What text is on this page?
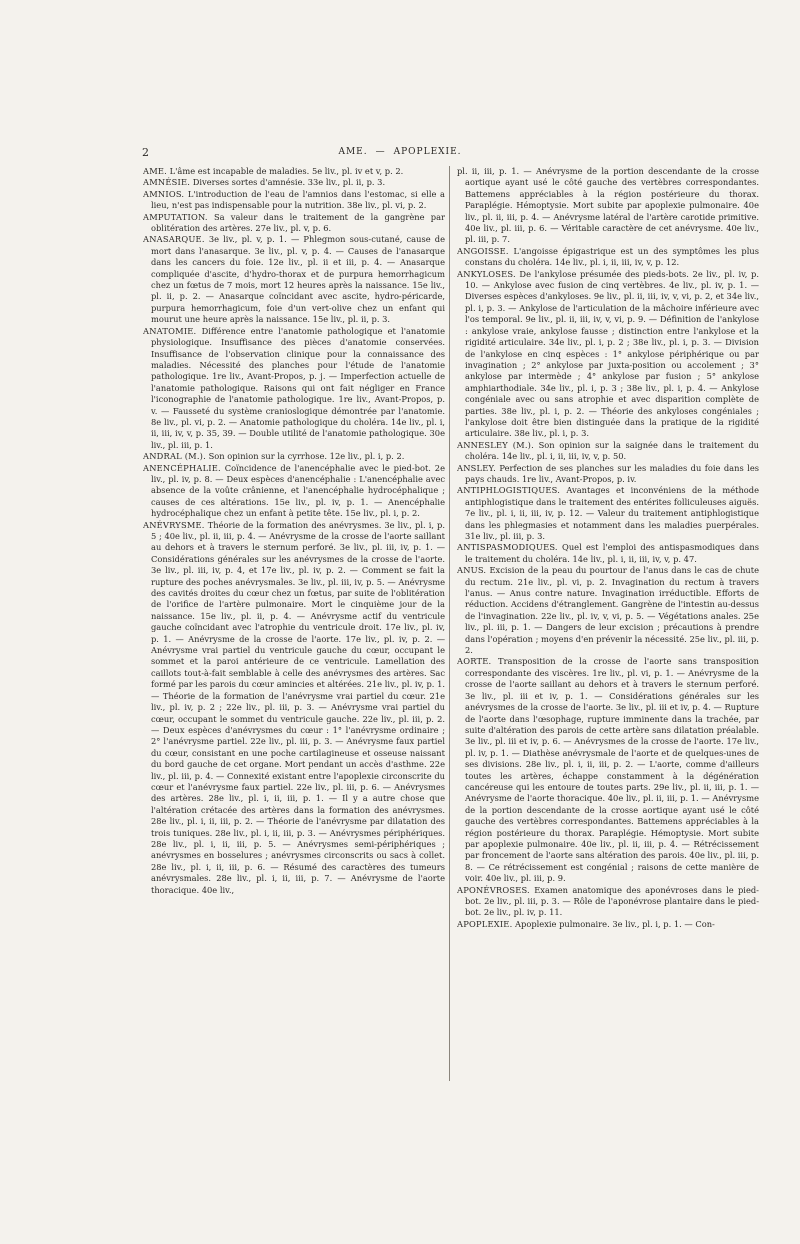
2	AME. — APOPLEXIE.

AME. L'âme est incapable de maladies. 5e liv., pl. iv et v, p. 2.

AMNÉSIE. Diverses sortes d'amnésie. 33e liv., pl. ii, p. 3.

AMNIOS. L'introduction de l'eau de l'amnios dans l'estomac, si elle a lieu, n'est pas indispensable pour la nutrition. 38e liv., pl. vi, p. 2.

AMPUTATION. Sa valeur dans le traitement de la gangrène par oblitération des artères. 27e liv., pl. v, p. 6.

ANASARQUE. 3e liv., pl. v, p. 1. — Phlegmon sous-cutané, cause de mort dans l'anasarque. 3e liv., pl. v, p. 4. — Causes de l'anasarque dans les cancers du foie. 12e liv., pl. ii et iii, p. 4. — Anasarque compliquée d'ascite, d'hydro-thorax et de purpura hemorrhagicum chez un fœtus de 7 mois, mort 12 heures après la naissance. 15e liv., pl. ii, p. 2. — Anasarque coïncidant avec ascite, hydro-péricarde, purpura hemorrhagicum, foie d'un vert-olive chez un enfant qui mourut une heure après la naissance. 15e liv., pl. ii, p. 3.

ANATOMIE. Différence entre l'anatomie pathologique et l'anatomie physiologique. Insuffisance des pièces d'anatomie conservées. Insuffisance de l'observation clinique pour la connaissance des maladies. Nécessité des planches pour l'étude de l'anatomie pathologique. 1re liv., Avant-Propos, p. j. — Imperfection actuelle de l'anatomie pathologique. Raisons qui ont fait négliger en France l'iconographie de l'anatomie pathologique. 1re liv., Avant-Propos, p. v. — Fausseté du système cranioslogique démontrée par l'anatomie. 8e liv., pl. vi, p. 2. — Anatomie pathologique du choléra. 14e liv., pl. i, ii, iii, iv, v, p. 35, 39. — Double utilité de l'anatomie pathologique. 30e liv., pl. iii, p. 1.

ANDRAL (M.). Son opinion sur la cyrrhose. 12e liv., pl. i, p. 2.

ANENCÉPHALIE. Coïncidence de l'anencéphalie avec le pied-bot. 2e liv., pl. iv, p. 8. — Deux espèces d'anencéphalie : L'anencéphalie avec absence de la voûte crânienne, et l'anencéphalie hydrocéphalique ; causes de ces altérations. 15e liv., pl. iv, p. 1. — Anencéphalie hydrocéphalique chez un enfant à petite tête. 15e liv., pl. i, p. 2.

ANÉVRYSME. Théorie de la formation des anévrysmes. 3e liv., pl. i, p. 5 ; 40e liv., pl. ii, iii, p. 4. — Anévrysme de la crosse de l'aorte saillant au dehors et à travers le sternum perforé. 3e liv., pl. iii, iv, p. 1. — Considérations générales sur les anévrysmes de la crosse de l'aorte. 3e liv., pl. iii, iv, p. 4, et 17e liv., pl. iv, p. 2. — Comment se fait la rupture des poches anévrysmales. 3e liv., pl. iii, iv, p. 5. — Anévrysme des cavités droites du cœur chez un fœtus, par suite de l'oblitération de l'orifice de l'artère pulmonaire. Mort le cinquième jour de la naissance. 15e liv., pl. ii, p. 4. — Anévrysme actif du ventricule gauche coïncidant avec l'atrophie du ventricule droit. 17e liv., pl. iv, p. 1. — Anévrysme de la crosse de l'aorte. 17e liv., pl. iv, p. 2. — Anévrysme vrai partiel du ventricule gauche du cœur, occupant le sommet et la paroi antérieure de ce ventricule. Lamellation des caillots tout-à-fait semblable à celle des anévrysmes des artères. Sac formé par les parois du cœur amincies et altérées. 21e liv., pl. iv, p. 1. — Théorie de la formation de l'anévrysme vrai partiel du cœur. 21e liv., pl. iv, p. 2 ; 22e liv., pl. iii, p. 3. — Anévrysme vrai partiel du cœur, occupant le sommet du ventricule gauche. 22e liv., pl. iii, p. 2. — Deux espèces d'anévrysmes du cœur : 1° l'anévrysme ordinaire ; 2° l'anévrysme partiel. 22e liv., pl. iii, p. 3. — Anévrysme faux partiel du cœur, consistant en une poche cartilagineuse et osseuse naissant du bord gauche de cet organe. Mort pendant un accès d'asthme. 22e liv., pl. iii, p. 4. — Connexité existant entre l'apoplexie circonscrite du cœur et l'anévrysme faux partiel. 22e liv., pl. iii, p. 6. — Anévrysmes des artères. 28e liv., pl. i, ii, iii, p. 1. — Il y a autre chose que l'altération crétacée des artères dans la formation des anévrysmes. 28e liv., pl. i, ii, iii, p. 2. — Théorie de l'anévrysme par dilatation des trois tuniques. 28e liv., pl. i, ii, iii, p. 3. — Anévrysmes périphériques. 28e liv., pl. i, ii, iii, p. 5. — Anévrysmes semi-périphériques ; anévrysmes en bosselures ; anévrysmes circonscrits ou sacs à collet. 28e liv., pl. i, ii, iii, p. 6. — Résumé des caractères des tumeurs anévrysmales. 28e liv., pl. i, ii, iii, p. 7. — Anévrysme de l'aorte thoracique. 40e liv.,

pl. ii, iii, p. 1. — Anévrysme de la portion descendante de la crosse aortique ayant usé le côté gauche des vertèbres correspondantes. Battemens appréciables à la région postérieure du thorax. Paraplégie. Hémoptysie. Mort subite par apoplexie pulmonaire. 40e liv., pl. ii, iii, p. 4. — Anévrysme latéral de l'artère carotide primitive. 40e liv., pl. iii, p. 6. — Véritable caractère de cet anévrysme. 40e liv., pl. iii, p. 7.

ANGOISSE. L'angoisse épigastrique est un des symptômes les plus constans du choléra. 14e liv., pl. i, ii, iii, iv, v, p. 12.

ANKYLOSES. De l'ankylose présumée des pieds-bots. 2e liv., pl. iv, p. 10. — Ankylose avec fusion de cinq vertèbres. 4e liv., pl. iv, p. 1. — Diverses espèces d'ankyloses. 9e liv., pl. ii, iii, iv, v, vi, p. 2, et 34e liv., pl. i, p. 3. — Ankylose de l'articulation de la mâchoire inférieure avec l'os temporal. 9e liv., pl. ii, iii, iv, v, vi, p. 9. — Définition de l'ankylose : ankylose vraie, ankylose fausse ; distinction entre l'ankylose et la rigidité articulaire. 34e liv., pl. i, p. 2 ; 38e liv., pl. i, p. 3. — Division de l'ankylose en cinq espèces : 1° ankylose périphérique ou par invagination ; 2° ankylose par juxta-position ou accolement ; 3° ankylose par intermède ; 4° ankylose par fusion ; 5° ankylose amphiarthodiale. 34e liv., pl. i, p. 3 ; 38e liv., pl. i, p. 4. — Ankylose congéniale avec ou sans atrophie et avec disparition complète de parties. 38e liv., pl. i, p. 2. — Théorie des ankyloses congéniales ; l'ankylose doit être bien distinguée dans la pratique de la rigidité articulaire. 38e liv., pl. i, p. 3.

ANNESLEY (M.). Son opinion sur la saignée dans le traitement du choléra. 14e liv., pl. i, ii, iii, iv, v, p. 50.

ANSLEY. Perfection de ses planches sur les maladies du foie dans les pays chauds. 1re liv., Avant-Propos, p. iv.

ANTIPHLOGISTIQUES. Avantages et inconvéniens de la méthode antiphlogistique dans le traitement des entérites folliculeuses aiguës. 7e liv., pl. i, ii, iii, iv, p. 12. — Valeur du traitement antiphlogistique dans les phlegmasies et notamment dans les maladies puerpérales. 31e liv., pl. iii, p. 3.

ANTISPASMODIQUES. Quel est l'emploi des antispasmodiques dans le traitement du choléra. 14e liv., pl. i, ii, iii, iv, v, p. 47.

ANUS. Excision de la peau du pourtour de l'anus dans le cas de chute du rectum. 21e liv., pl. vi, p. 2. Invagination du rectum à travers l'anus. — Anus contre nature. Invagination irréductible. Efforts de réduction. Accidens d'étranglement. Gangrène de l'intestin au-dessus de l'invagination. 22e liv., pl. iv, v, vi, p. 5. — Végétations anales. 25e liv., pl. iii, p. 1. — Dangers de leur excision ; précautions à prendre dans l'opération ; moyens d'en prévenir la nécessité. 25e liv., pl. iii, p. 2.

AORTE. Transposition de la crosse de l'aorte sans transposition correspondante des viscères. 1re liv., pl. vi, p. 1. — Anévrysme de la crosse de l'aorte saillant au dehors et à travers le sternum perforé. 3e liv., pl. iii et iv, p. 1. — Considérations générales sur les anévrysmes de la crosse de l'aorte. 3e liv., pl. iii et iv, p. 4. — Rupture de l'aorte dans l'œsophage, rupture imminente dans la trachée, par suite d'altération des parois de cette artère sans dilatation préalable. 3e liv., pl. iii et iv, p. 6. — Anévrysmes de la crosse de l'aorte. 17e liv., pl. iv, p. 1. — Diathèse anévrysmale de l'aorte et de quelques-unes de ses divisions. 28e liv., pl. i, ii, iii, p. 2. — L'aorte, comme d'ailleurs toutes les artères, échappe constamment à la dégénération cancéreuse qui les entoure de toutes parts. 29e liv., pl. ii, iii, p. 1. — Anévrysme de l'aorte thoracique. 40e liv., pl. ii, iii, p. 1. — Anévrysme de la portion descendante de la crosse aortique ayant usé le côté gauche des vertèbres correspondantes. Battemens appréciables à la région postérieure du thorax. Paraplégie. Hémoptysie. Mort subite par apoplexie pulmonaire. 40e liv., pl. ii, iii, p. 4. — Rétrécissement par froncement de l'aorte sans altération des parois. 40e liv., pl. iii, p. 8. — Ce rétrécissement est congénial ; raisons de cette manière de voir. 40e liv., pl. iii, p. 9.

APONÉVROSES. Examen anatomique des aponévroses dans le pied-bot. 2e liv., pl. iii, p. 3. — Rôle de l'aponévrose plantaire dans le pied-bot. 2e liv., pl. iv, p. 11.

APOPLEXIE. Apoplexie pulmonaire. 3e liv., pl. i, p. 1. — Con-
